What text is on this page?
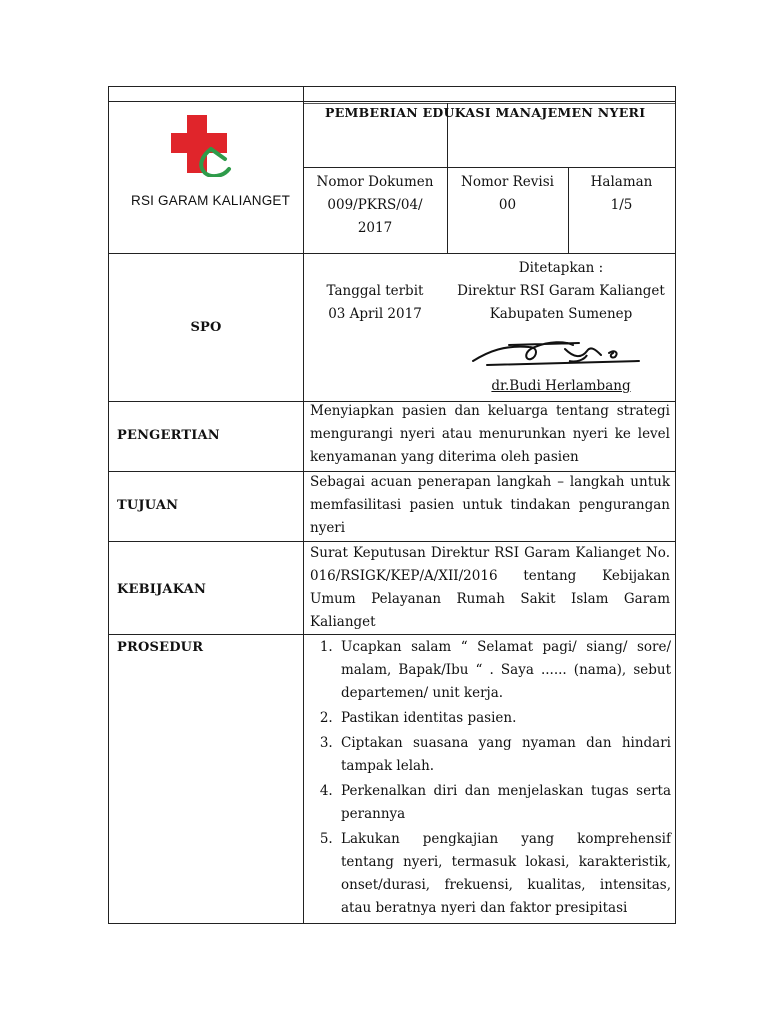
RSI GARAM KALIANGET
PEMBERIAN EDUKASI MANAJEMEN NYERI
Nomor Dokumen
009/PKRS/04/
2017
Nomor Revisi
00
Halaman
1/5
SPO
Tanggal terbit
03 April 2017
Ditetapkan :
Direktur RSI Garam Kalianget
Kabupaten Sumenep
dr.Budi Herlambang
PENGERTIAN
Menyiapkan pasien dan keluarga tentang strategi mengurangi nyeri atau menurunkan nyeri ke level kenyamanan yang diterima oleh pasien
TUJUAN
Sebagai acuan penerapan langkah – langkah untuk memfasilitasi pasien untuk tindakan pengurangan nyeri
KEBIJAKAN
Surat Keputusan Direktur RSI Garam Kalianget No. 016/RSIGK/KEP/A/XII/2016 tentang Kebijakan Umum Pelayanan Rumah Sakit Islam Garam Kalianget
PROSEDUR
1.	Ucapkan salam “ Selamat pagi/ siang/ sore/ malam, Bapak/Ibu “ . Saya ...... (nama), sebut departemen/ unit kerja.
2. Pastikan identitas pasien.
3. Ciptakan suasana yang nyaman dan hindari tampak lelah.
4. Perkenalkan diri dan menjelaskan tugas serta perannya
5. Lakukan pengkajian yang komprehensif tentang nyeri, termasuk lokasi, karakteristik, onset/durasi, frekuensi, kualitas, intensitas, atau beratnya nyeri dan faktor presipitasi
